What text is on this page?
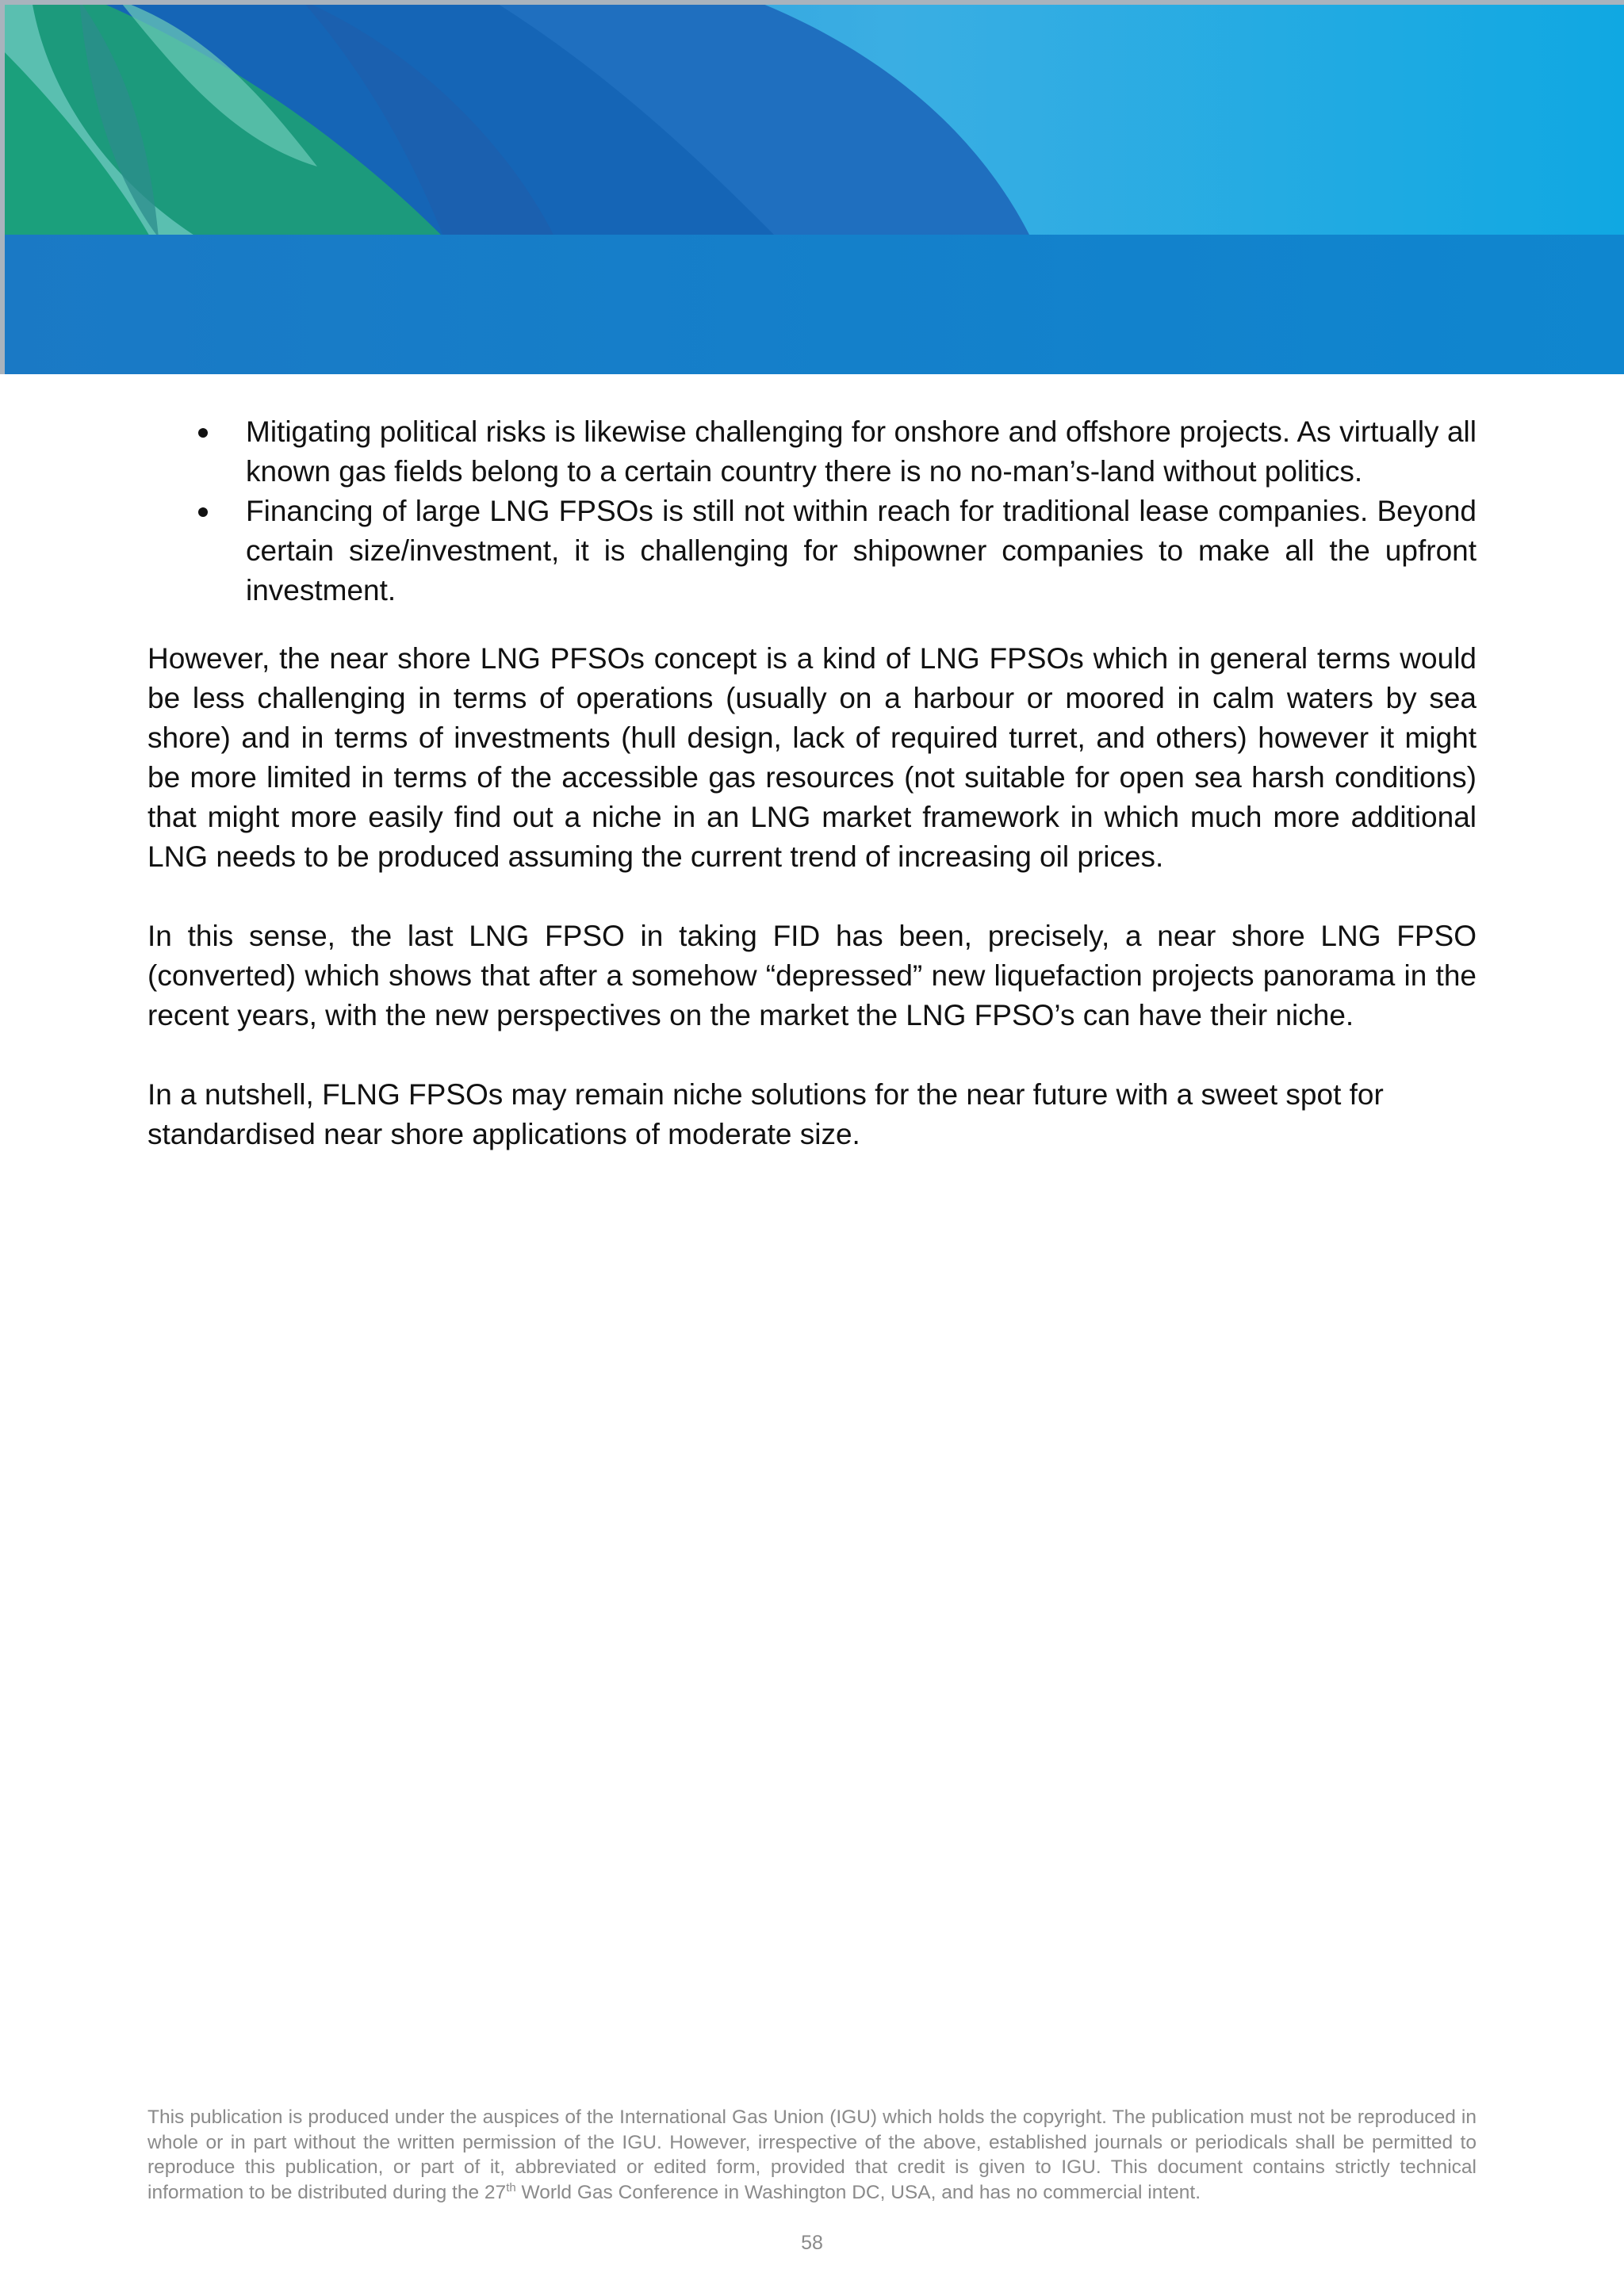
Mitigating political risks is likewise challenging for onshore and offshore projects. As virtually all known gas fields belong to a certain country there is no no-man’s-land without politics.
Financing of large LNG FPSOs is still not within reach for traditional lease companies. Beyond certain size/investment, it is challenging for shipowner companies to make all the upfront investment.

However, the near shore LNG PFSOs concept is a kind of LNG FPSOs which in general terms would be less challenging in terms of operations (usually on a harbour or moored in calm waters by sea shore) and in terms of investments (hull design, lack of required turret, and others) however it might be more limited in terms of the accessible gas resources (not suitable for open sea harsh conditions) that might more easily find out a niche in an LNG market framework in which much more additional LNG needs to be produced assuming the current trend of increasing oil prices.

In this sense, the last LNG FPSO in taking FID has been, precisely, a near shore LNG FPSO (converted) which shows that after a somehow “depressed” new liquefaction projects panorama in the recent years, with the new perspectives on the market the LNG FPSO’s can have their niche.

In a nutshell, FLNG FPSOs may remain niche solutions for the near future with a sweet spot for standardised near shore applications of moderate size.

This publication is produced under the auspices of the International Gas Union (IGU) which holds the copyright. The publication must not be reproduced in whole or in part without the written permission of the IGU. However, irrespective of the above, established journals or periodicals shall be permitted to reproduce this publication, or part of it, abbreviated or edited form, provided that credit is given to IGU. This document contains strictly technical information to be distributed during the 27th World Gas Conference in Washington DC, USA, and has no commercial intent.
58
